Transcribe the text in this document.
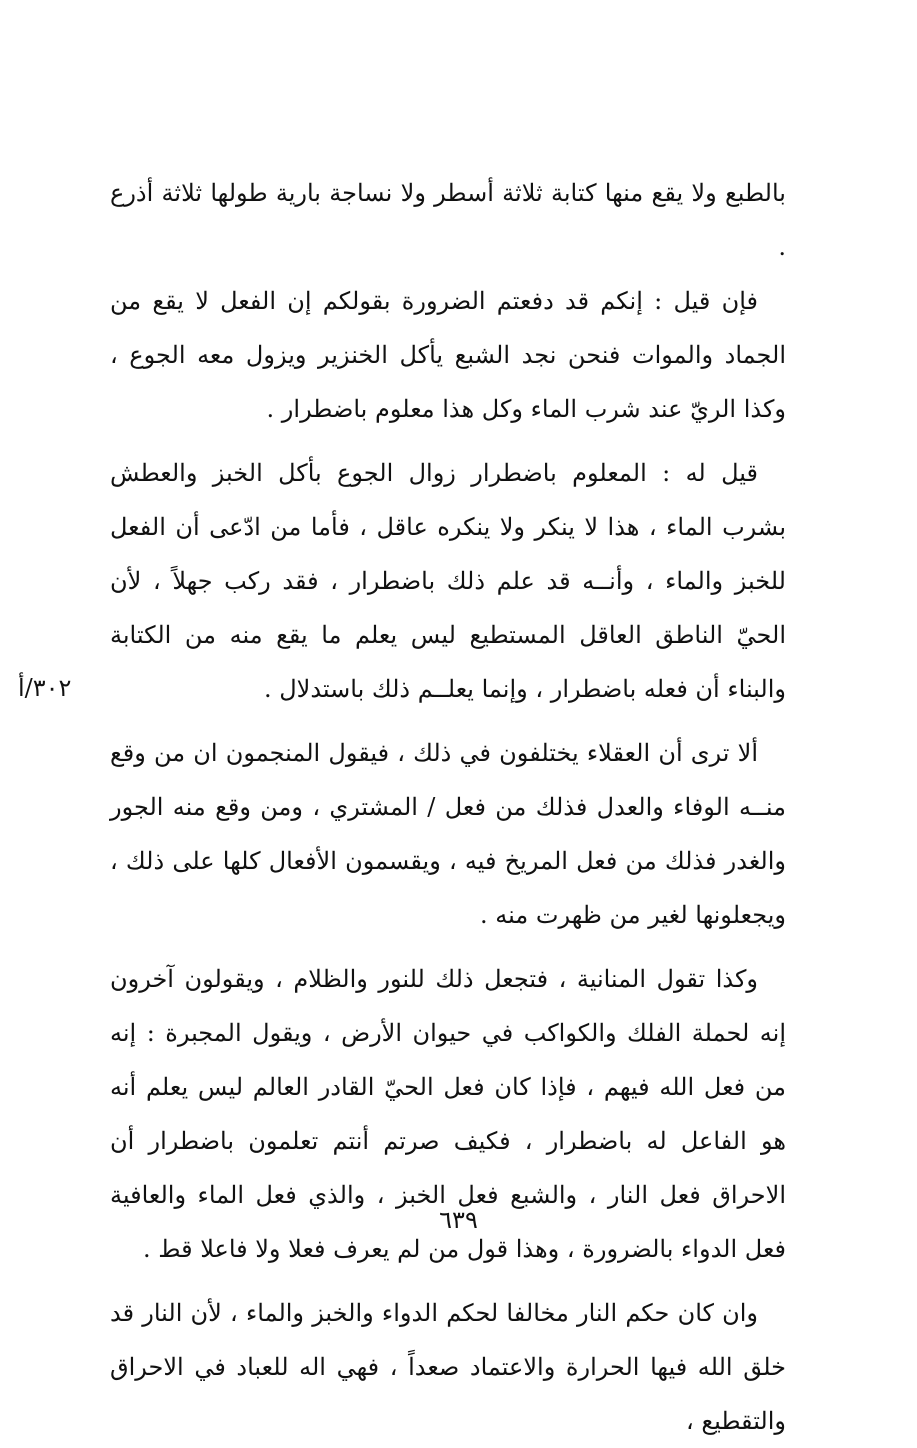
بالطبع ولا يقع منها كتابة ثلاثة أسطر ولا نساجة بارية طولها ثلاثة أذرع .

فإن قيل : إنكم قد دفعتم الضرورة بقولكم إن الفعل لا يقع من الجماد والموات فنحن نجد الشبع يأكل الخنزير ويزول معه الجوع ، وكذا الريّ عند شرب الماء وكل هذا معلوم باضطرار .

قيل له : المعلوم باضطرار زوال الجوع بأكل الخبز والعطش بشرب الماء ، هذا لا ينكر ولا ينكره عاقل ، فأما من ادّعى أن الفعل للخبز والماء ، وأنــه قد علم ذلك باضطرار ، فقد ركب جهلاً ، لأن الحيّ الناطق العاقل المستطيع ليس يعلم ما يقع منه من الكتابة والبناء أن فعله باضطرار ، وإنما يعلــم ذلك باستدلال .

ألا ترى أن العقلاء يختلفون في ذلك ، فيقول المنجمون ان من وقع منــه الوفاء والعدل فذلك من فعل / المشتري ، ومن وقع منه الجور والغدر فذلك من فعل المريخ فيه ، ويقسمون الأفعال كلها على ذلك ، ويجعلونها لغير من ظهرت منه .

وكذا تقول المنانية ، فتجعل ذلك للنور والظلام ، ويقولون آخرون إنه لحملة الفلك والكواكب في حيوان الأرض ، ويقول المجبرة : إنه من فعل الله فيهم ، فإذا كان فعل الحيّ القادر العالم ليس يعلم أنه هو الفاعل له باضطرار ، فكيف صرتم أنتم تعلمون باضطرار أن الاحراق فعل النار ، والشبع فعل الخبز ، والذي فعل الماء والعافية فعل الدواء بالضرورة ، وهذا قول من لم يعرف فعلا ولا فاعلا قط .

وان كان حكم النار مخالفا لحكم الدواء والخبز والماء ، لأن النار قد خلق الله فيها الحرارة والاعتماد صعداً ، فهي اله للعباد في الاحراق والتقطيع ،

٣٠٢/أ
٦٣٩
